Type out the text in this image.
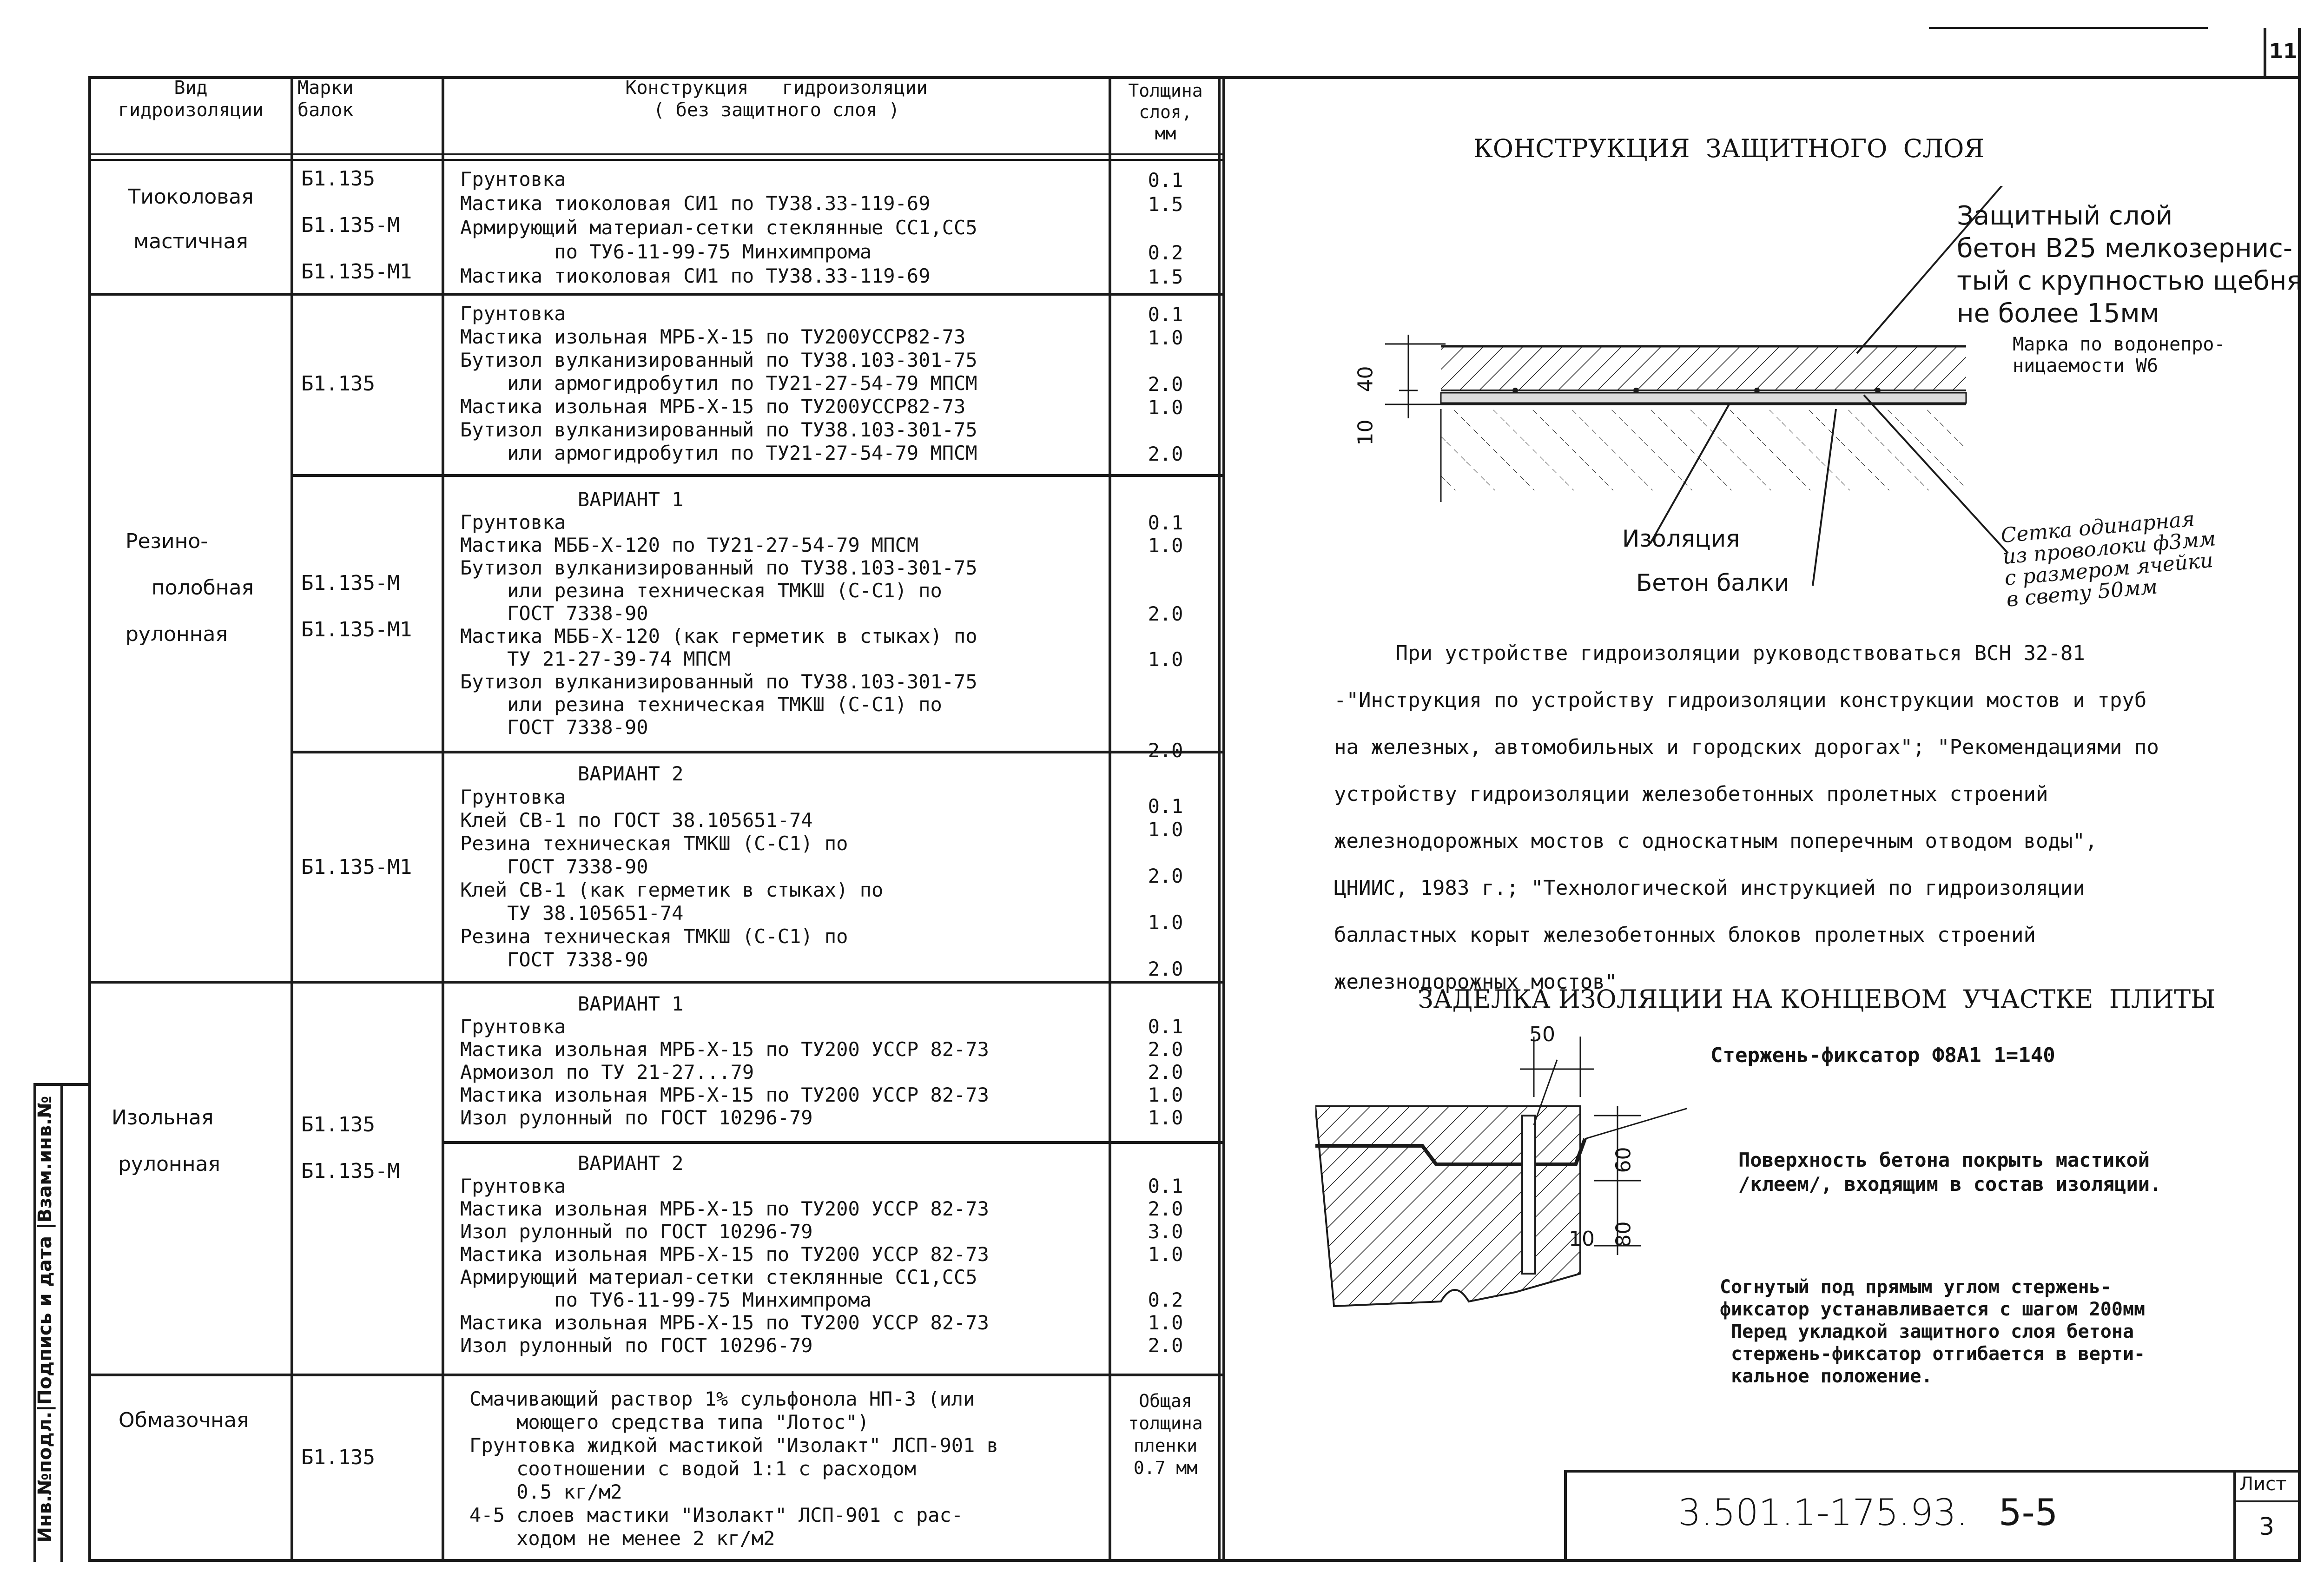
11
Инв.№подл.|Подпись и дата |Взам.инв.№
Вид
гидроизоляции
Марки
балок
Конструкция   гидроизоляции
( без защитного слоя )
Толщина
слоя,
мм
Тиоколовая

мастичная
Б1.135

Б1.135-М

Б1.135-М1
Грунтовка
Мастика тиоколовая СИ1 по ТУ38.33-119-69
Армирующий материал-сетки стеклянные СС1,СС5
по ТУ6-11-99-75 Минхимпрома
Мастика тиоколовая СИ1 по ТУ38.33-119-69
0.1
1.5

0.2
1.5
Б1.135
Грунтовка
Мастика изольная МРБ-Х-15 по ТУ200УССР82-73
Бутизол вулканизированный по ТУ38.103-301-75
или армогидробутил по ТУ21-27-54-79 МПСМ
Мастика изольная МРБ-Х-15 по ТУ200УССР82-73
Бутизол вулканизированный по ТУ38.103-301-75
или армогидробутил по ТУ21-27-54-79 МПСМ
0.1
1.0

2.0
1.0

2.0
Резино-

полобная

рулонная
Б1.135-М

Б1.135-М1
ВАРИАНТ 1
Грунтовка
Мастика МББ-Х-120 по ТУ21-27-54-79 МПСМ
Бутизол вулканизированный по ТУ38.103-301-75
или резина техническая ТМКШ (С-С1) по
ГОСТ 7338-90
Мастика МББ-Х-120 (как герметик в стыках) по
ТУ 21-27-39-74 МПСМ
Бутизол вулканизированный по ТУ38.103-301-75
или резина техническая ТМКШ (С-С1) по
ГОСТ 7338-90
0.1
1.0

2.0

1.0

2.0
Б1.135-М1
ВАРИАНТ 2
Грунтовка
Клей СВ-1 по ГОСТ 38.105651-74
Резина техническая ТМКШ (С-С1) по
ГОСТ 7338-90
Клей СВ-1 (как герметик в стыках) по
ТУ 38.105651-74
Резина техническая ТМКШ (С-С1) по
ГОСТ 7338-90

0.1
1.0

2.0

1.0

2.0
Изольная

рулонная
Б1.135

Б1.135-М
ВАРИАНТ 1
Грунтовка
Мастика изольная МРБ-Х-15 по ТУ200 УССР 82-73
Армоизол по ТУ 21-27...79
Мастика изольная МРБ-Х-15 по ТУ200 УССР 82-73
Изол рулонный по ГОСТ 10296-79

0.1
2.0
2.0
1.0
1.0
ВАРИАНТ 2
Грунтовка
Мастика изольная МРБ-Х-15 по ТУ200 УССР 82-73
Изол рулонный по ГОСТ 10296-79
Мастика изольная МРБ-Х-15 по ТУ200 УССР 82-73
Армирующий материал-сетки стеклянные СС1,СС5
по ТУ6-11-99-75 Минхимпрома
Мастика изольная МРБ-Х-15 по ТУ200 УССР 82-73
Изол рулонный по ГОСТ 10296-79

0.1
2.0
3.0
1.0

0.2
1.0
2.0
Обмазочная
Б1.135
Смачивающий раствор 1% сульфонола НП-3 (или
моющего средства типа "Лотос")
Грунтовка жидкой мастикой "Изолакт" ЛСП-901 в
соотношении с водой 1:1 с расходом
0.5 кг/м2
4-5 слоев мастики "Изолакт" ЛСП-901 с рас-
ходом не менее 2 кг/м2
Общая
толщина
пленки
0.7 мм
КОНСТРУКЦИЯ  ЗАЩИТНОГО  СЛОЯ
40
10
Защитный слой
бетон В25 мелкозернис-
тый с крупностью щебня
не более 15мм
Марка по водонепро-
ницаемости W6
Изоляция
Бетон балки
Сетка одинарная
из проволоки ф3мм
с размером ячейки
в свету 50мм
При устройстве гидроизоляции руководствоваться ВСН 32-81
-"Инструкция по устройству гидроизоляции конструкции мостов и труб
на железных, автомобильных и городских дорогах"; "Рекомендациями по
устройству гидроизоляции железобетонных пролетных строений
железнодорожных мостов с односкатным поперечным отводом воды",
ЦНИИС, 1983 г.; "Технологической инструкцией по гидроизоляции
балластных корыт железобетонных блоков пролетных строений
железнодорожных мостов"
ЗАДЕЛКА ИЗОЛЯЦИИ НА КОНЦЕВОМ  УЧАСТКЕ  ПЛИТЫ
50
Стержень-фиксатор Ф8А1 1=140
60
80
10
Поверхность бетона покрыть мастикой
/клеем/, входящим в состав изоляции.
Согнутый под прямым углом стержень-
фиксатор устанавливается с шагом 200мм
Перед укладкой защитного слоя бетона
стержень-фиксатор отгибается в верти-
кальное положение.
3.501.1-175.93. 5-5
Лист
3
